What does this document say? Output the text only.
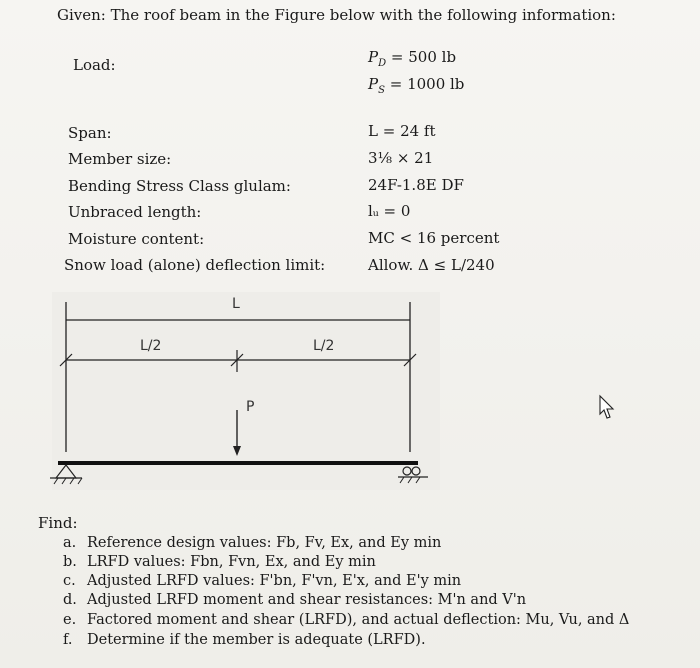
Given: The roof beam in the Figure below with the following information:
Load:	$P_D = 500$ lb
$P_S = 1000$ lb
Span:	L = 24 ft
Member size:	3⅛ × 21
Bending Stress Class glulam:	24F-1.8E DF
Unbraced length:	lᵤ = 0
Moisture content:	MC < 16 percent
Snow load (alone) deflection limit:	Allow. Δ ≤ L/240
L
L/2	L/2
P
Find:
a. Reference design values: Fb, Fv, Ex, and Ey min
b. LRFD values: Fbn, Fvn, Ex, and Ey min
c. Adjusted LRFD values: F'bn, F'vn, E'x, and E'y min
d. Adjusted LRFD moment and shear resistances: M'n and V'n
e. Factored moment and shear (LRFD), and actual deflection: Mu, Vu, and Δ
f. Determine if the member is adequate (LRFD).
